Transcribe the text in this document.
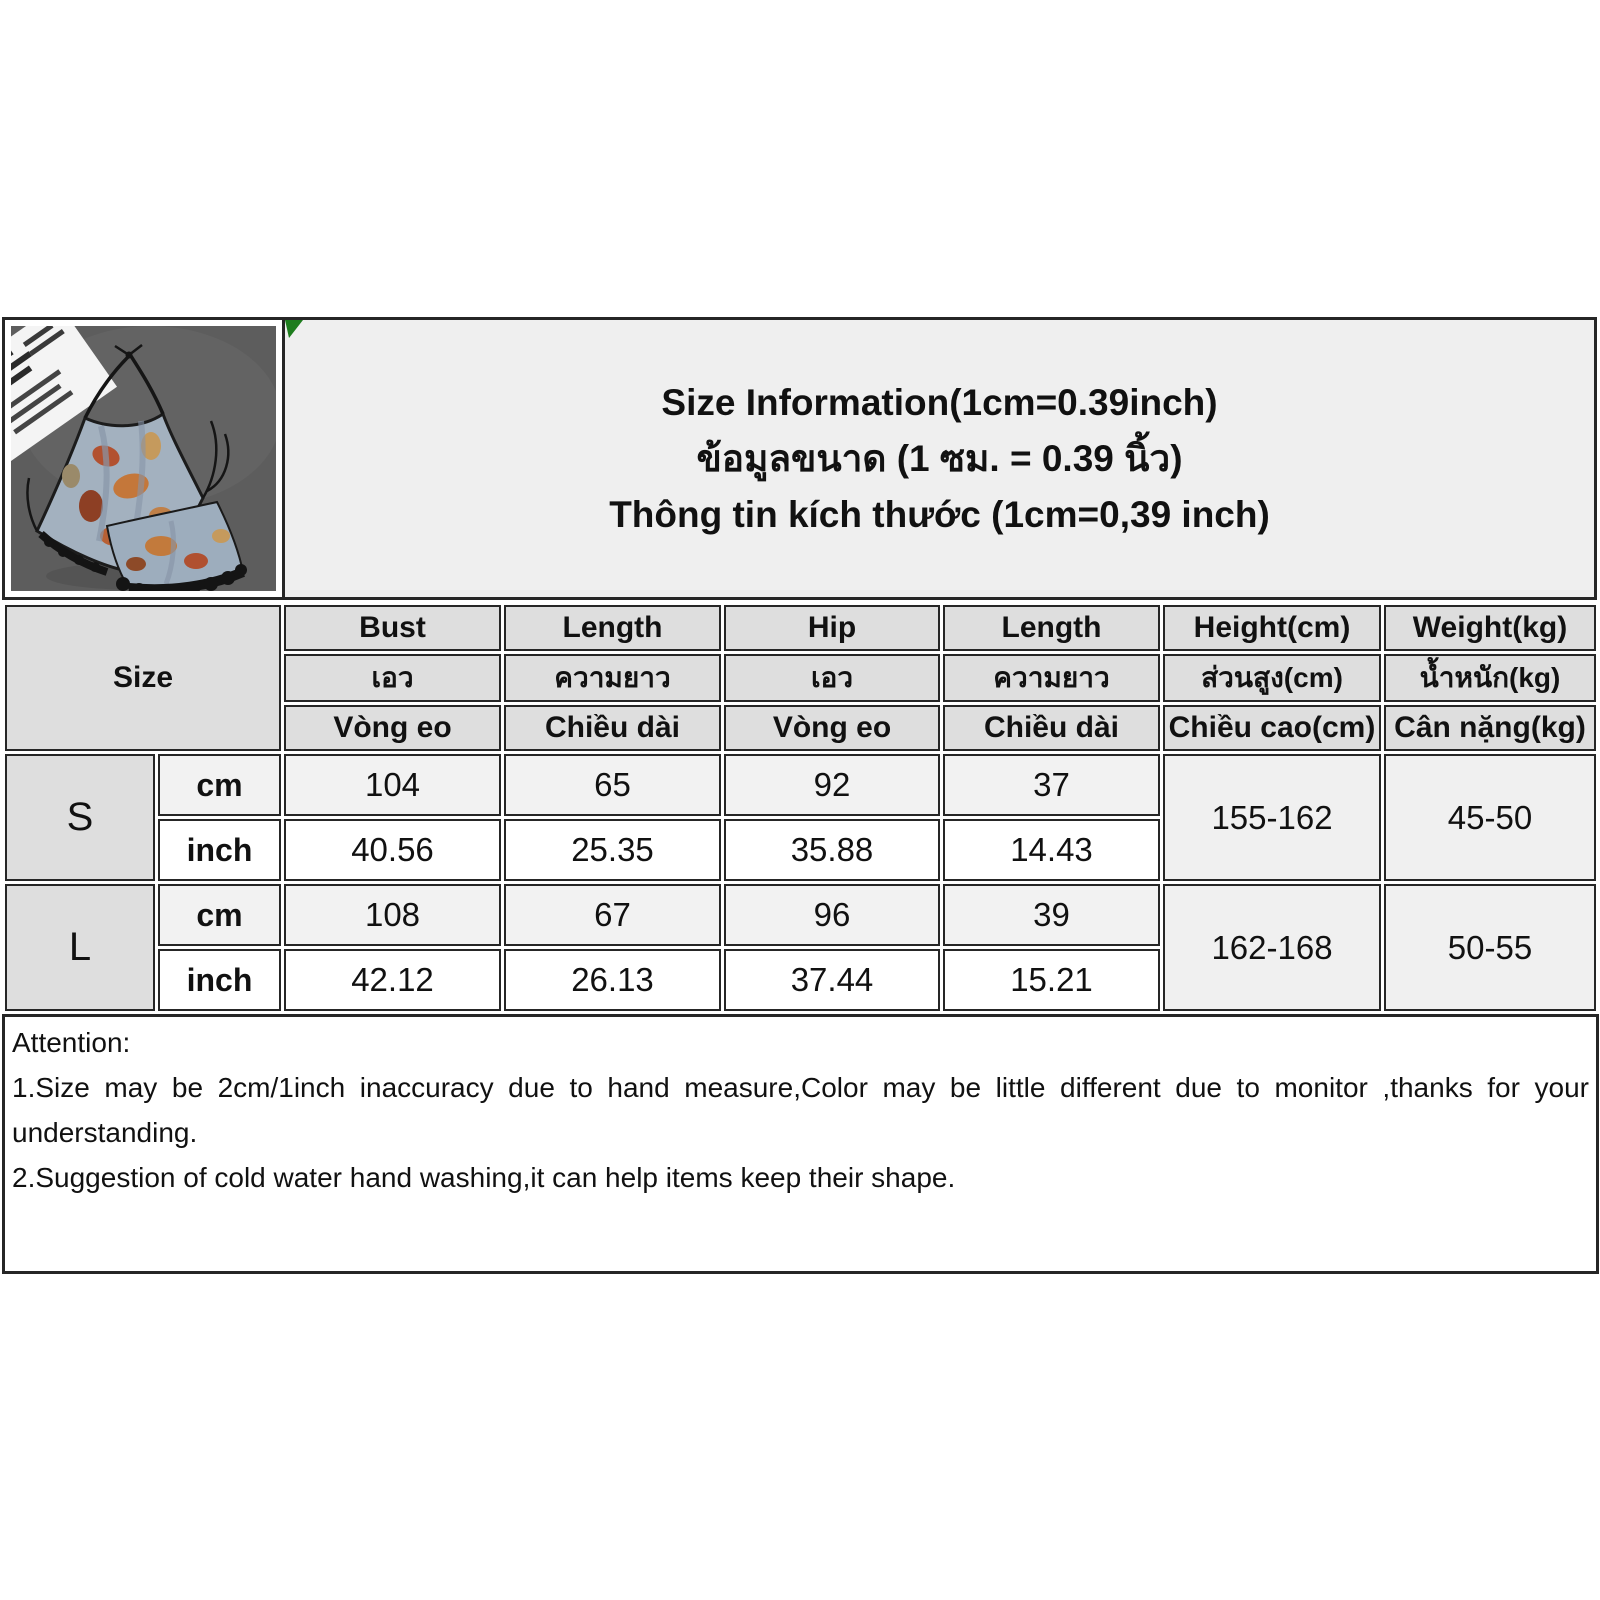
Size Information(1cm=0.39inch)
ข้อมูลขนาด (1 ซม. = 0.39 นิ้ว)
Thông tin kích thước (1cm=0,39 inch)
Size		Bust	Length	Hip	Length	Height(cm)	Weight(kg)
		เอว	ความยาว	เอว	ความยาว	ส่วนสูง(cm)	น้ำหนัก(kg)
		Vòng eo	Chiều dài	Vòng eo	Chiều dài	Chiều cao(cm)	Cân nặng(kg)
S	cm	104	65	92	37	155-162	45-50
	inch	40.56	25.35	35.88	14.43		
L	cm	108	67	96	39	162-168	50-55
	inch	42.12	26.13	37.44	15.21		
Attention:

1.Size may be 2cm/1inch inaccuracy due to hand measure,Color may be little different due to monitor ,thanks for your understanding.

2.Suggestion of cold water hand washing,it can help items keep their shape.
